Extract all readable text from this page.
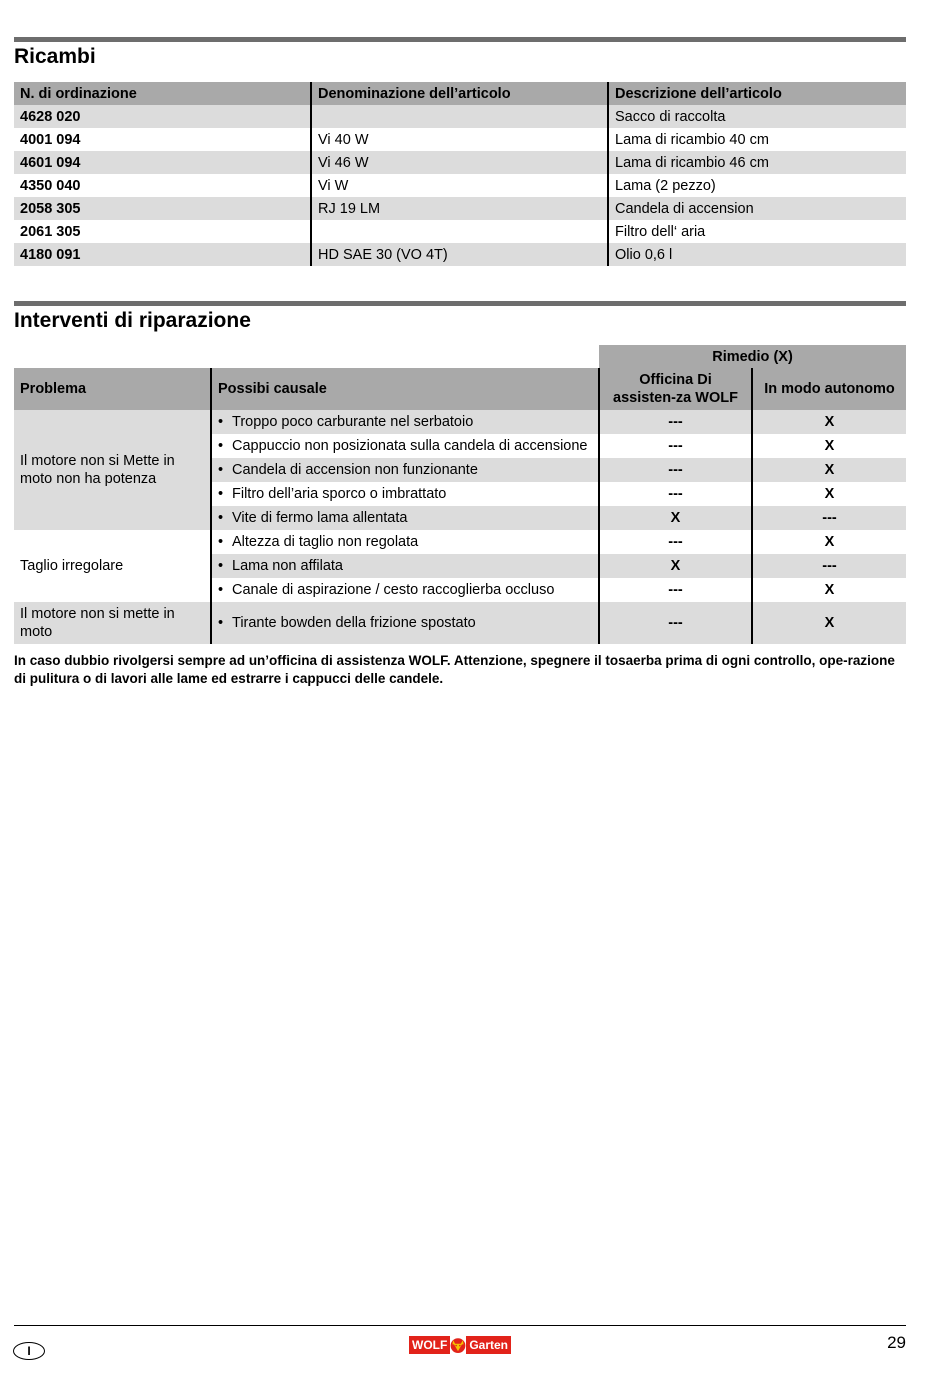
Ricambi
N. di ordinazione	Denominazione dell’articolo	Descrizione dell’articolo
4628 020		Sacco di raccolta
4001 094	Vi 40 W	Lama di ricambio 40 cm
4601 094	Vi 46 W	Lama di ricambio 46 cm
4350 040	Vi W	Lama (2 pezzo)
2058 305	RJ 19 LM	Candela di accension
2061 305		Filtro dell‘ aria
4180 091	HD SAE 30 (VO 4T)	Olio 0,6 l
Interventi di riparazione
		Rimedio (X)	
Problema	Possibi causale	Officina Di assisten-za WOLF	In modo autonomo
Il motore non si Mette in moto non ha potenza	• Troppo poco carburante nel serbatoio	---	X
	• Cappuccio non posizionata sulla candela di accensione	---	X
	• Candela di accension non funzionante	---	X
	• Filtro dell’aria sporco o imbrattato	---	X
	• Vite di fermo lama allentata	X	---
Taglio irregolare	• Altezza di taglio non regolata	---	X
	• Lama non affilata	X	---
	• Canale di aspirazione / cesto raccoglierba occluso	---	X
Il motore non si mette in moto	• Tirante bowden della frizione spostato	---	X

In caso dubbio rivolgersi sempre ad un’officina di assistenza WOLF. Attenzione, spegnere il tosaerba prima di ogni controllo, ope-razione di pulitura o di lavori alle lame ed estrarre i cappucci delle candele.

I	WOLF Garten	29
